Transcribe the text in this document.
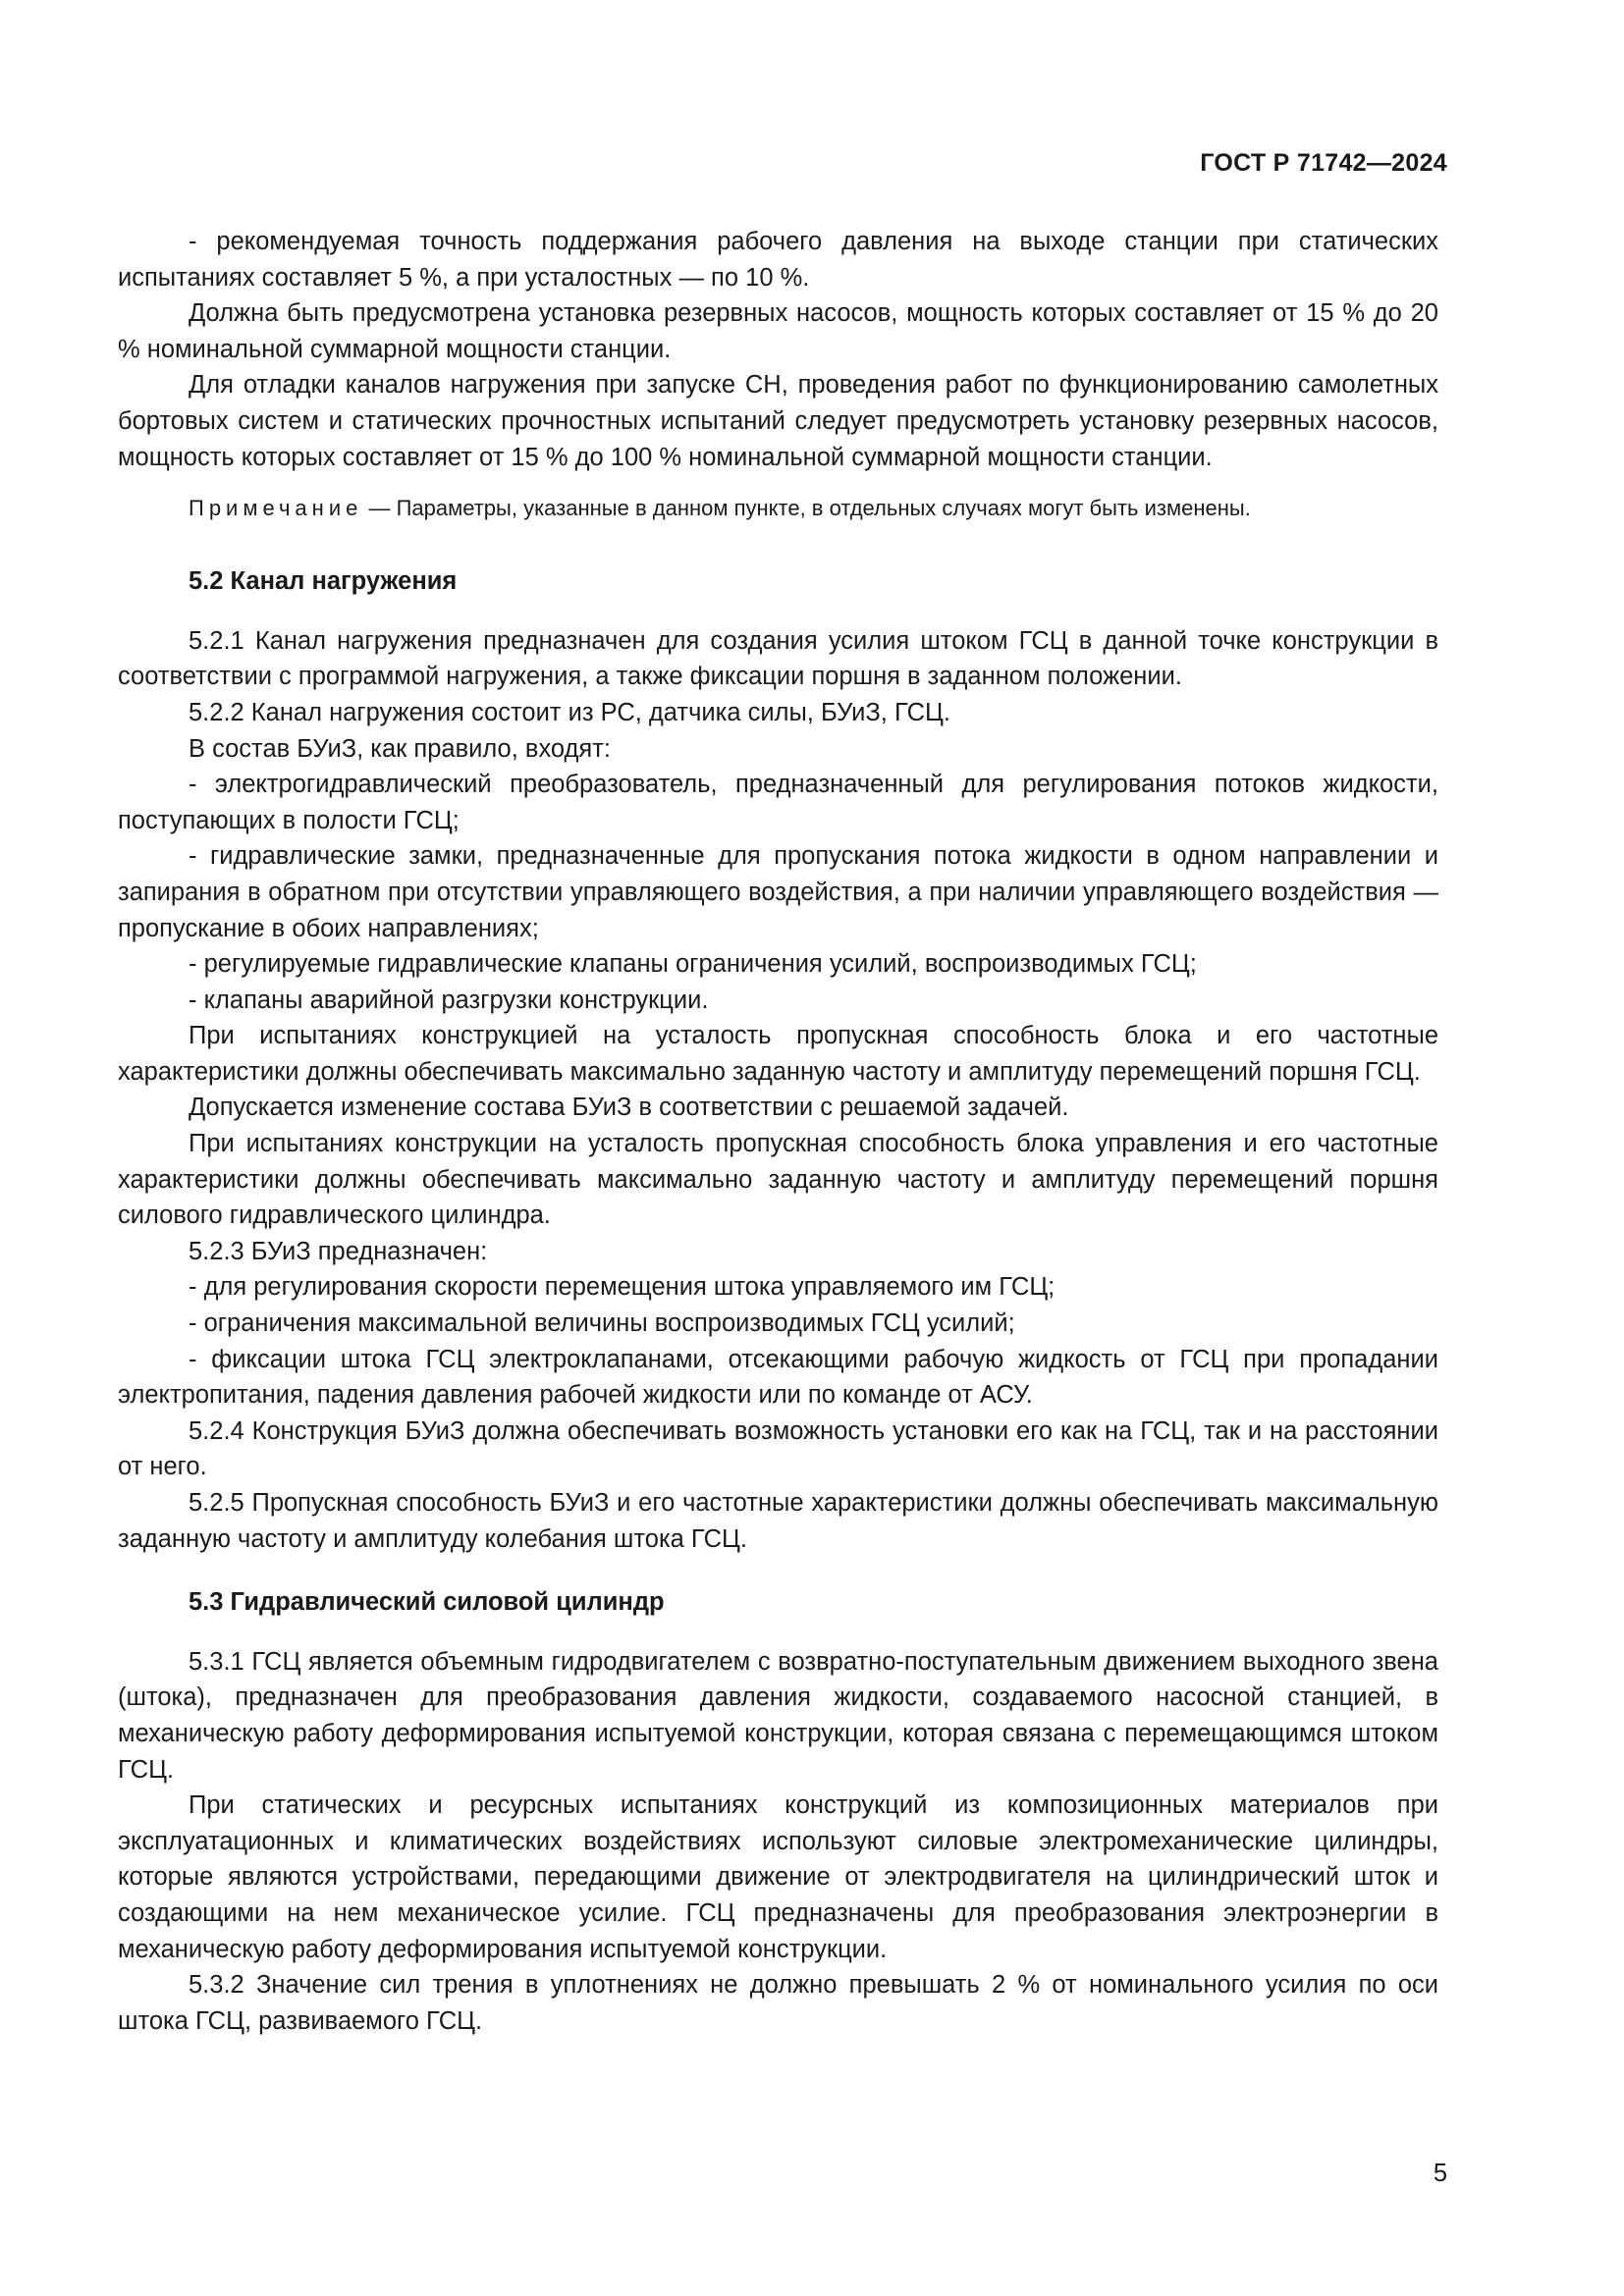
ГОСТ Р 71742—2024

- рекомендуемая точность поддержания рабочего давления на выходе станции при статических испытаниях составляет 5 %, а при усталостных — по 10 %.

Должна быть предусмотрена установка резервных насосов, мощность которых составляет от 15 % до 20 % номинальной суммарной мощности станции.

Для отладки каналов нагружения при запуске СН, проведения работ по функционированию самолетных бортовых систем и статических прочностных испытаний следует предусмотреть установку резервных насосов, мощность которых составляет от 15 % до 100 % номинальной суммарной мощности станции.

Примечание — Параметры, указанные в данном пункте, в отдельных случаях могут быть изменены.

5.2 Канал нагружения

5.2.1 Канал нагружения предназначен для создания усилия штоком ГСЦ в данной точке конструкции в соответствии с программой нагружения, а также фиксации поршня в заданном положении.

5.2.2 Канал нагружения состоит из РС, датчика силы, БУиЗ, ГСЦ.

В состав БУиЗ, как правило, входят:

- электрогидравлический преобразователь, предназначенный для регулирования потоков жидкости, поступающих в полости ГСЦ;

- гидравлические замки, предназначенные для пропускания потока жидкости в одном направлении и запирания в обратном при отсутствии управляющего воздействия, а при наличии управляющего воздействия — пропускание в обоих направлениях;

- регулируемые гидравлические клапаны ограничения усилий, воспроизводимых ГСЦ;

- клапаны аварийной разгрузки конструкции.

При испытаниях конструкцией на усталость пропускная способность блока и его частотные характеристики должны обеспечивать максимально заданную частоту и амплитуду перемещений поршня ГСЦ.

Допускается изменение состава БУиЗ в соответствии с решаемой задачей.

При испытаниях конструкции на усталость пропускная способность блока управления и его частотные характеристики должны обеспечивать максимально заданную частоту и амплитуду перемещений поршня силового гидравлического цилиндра.

5.2.3 БУиЗ предназначен:

- для регулирования скорости перемещения штока управляемого им ГСЦ;

- ограничения максимальной величины воспроизводимых ГСЦ усилий;

- фиксации штока ГСЦ электроклапанами, отсекающими рабочую жидкость от ГСЦ при пропадании электропитания, падения давления рабочей жидкости или по команде от АСУ.

5.2.4 Конструкция БУиЗ должна обеспечивать возможность установки его как на ГСЦ, так и на расстоянии от него.

5.2.5 Пропускная способность БУиЗ и его частотные характеристики должны обеспечивать максимальную заданную частоту и амплитуду колебания штока ГСЦ.

5.3 Гидравлический силовой цилиндр

5.3.1 ГСЦ является объемным гидродвигателем с возвратно-поступательным движением выходного звена (штока), предназначен для преобразования давления жидкости, создаваемого насосной станцией, в механическую работу деформирования испытуемой конструкции, которая связана с перемещающимся штоком ГСЦ.

При статических и ресурсных испытаниях конструкций из композиционных материалов при эксплуатационных и климатических воздействиях используют силовые электромеханические цилиндры, которые являются устройствами, передающими движение от электродвигателя на цилиндрический шток и создающими на нем механическое усилие. ГСЦ предназначены для преобразования электроэнергии в механическую работу деформирования испытуемой конструкции.

5.3.2 Значение сил трения в уплотнениях не должно превышать 2 % от номинального усилия по оси штока ГСЦ, развиваемого ГСЦ.

5
